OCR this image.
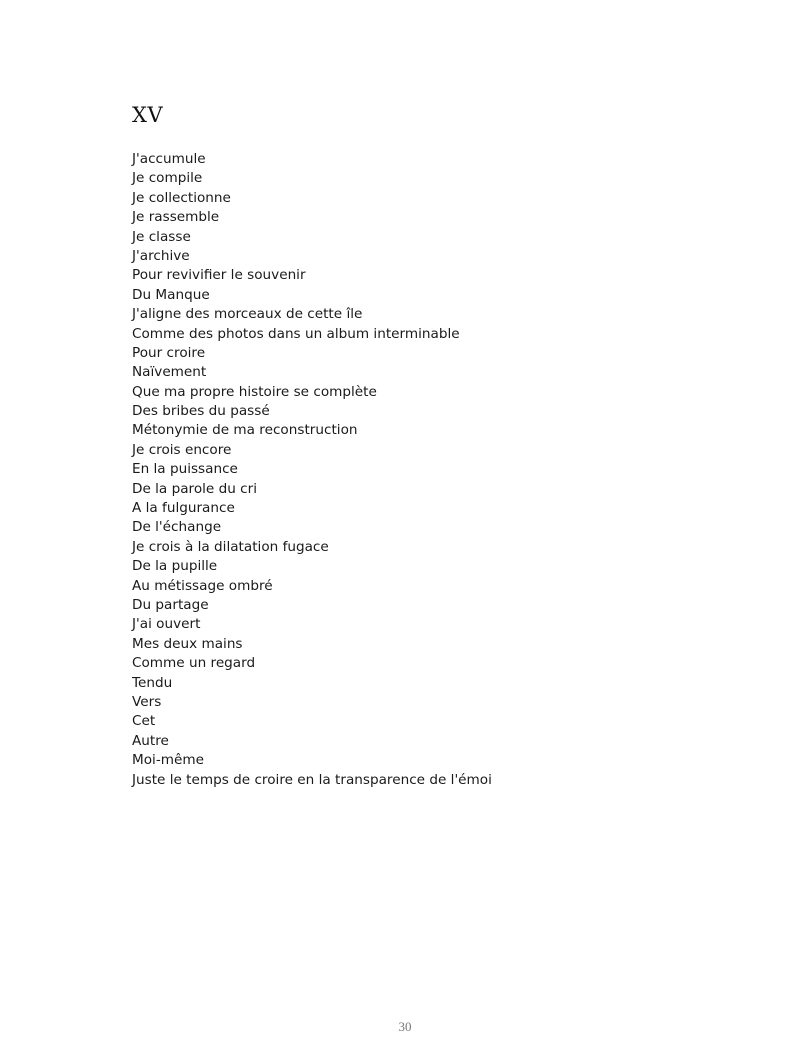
XV
J'accumule
Je compile
Je collectionne
Je rassemble
Je classe
J'archive
Pour revivifier le souvenir
Du Manque
J'aligne des morceaux de cette île
Comme des photos dans un album interminable
Pour croire
Naïvement
Que ma propre histoire se complète
Des bribes du passé
Métonymie de ma reconstruction
Je crois encore
En la puissance
De la parole du cri
A la fulgurance
De l'échange
Je crois à la dilatation fugace
De la pupille
Au métissage ombré
Du partage
J'ai ouvert
Mes deux mains
Comme un regard
Tendu
Vers
Cet
Autre
Moi-même
Juste le temps de croire en la transparence de l'émoi
30
